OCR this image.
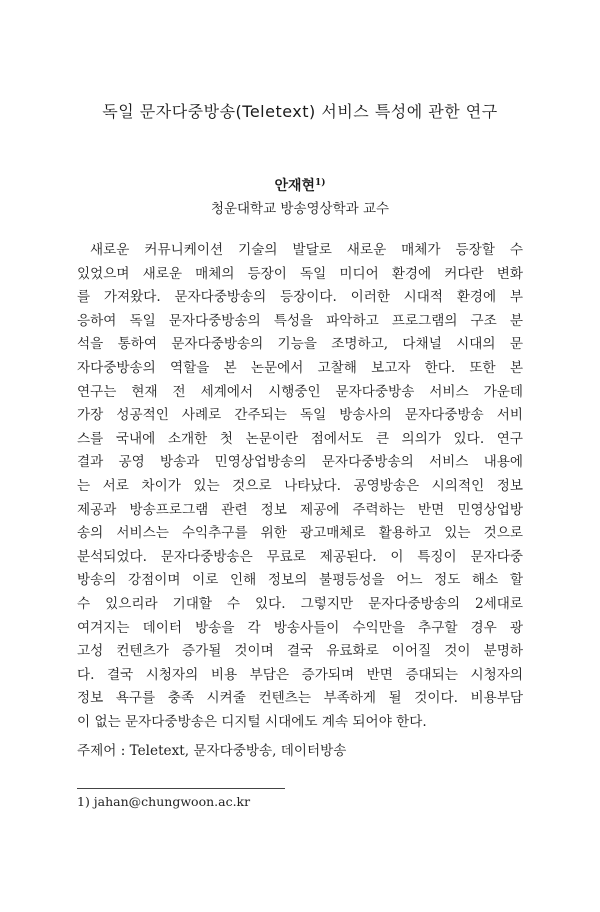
독일 문자다중방송(Teletext) 서비스 특성에 관한 연구
안재현$^{1)}$
청운대학교 방송영상학과 교수
새로운 커뮤니케이션 기술의 발달로 새로운 매체가 등장할 수
있었으며 새로운 매체의 등장이 독일 미디어 환경에 커다란 변화
를 가져왔다. 문자다중방송의 등장이다. 이러한 시대적 환경에 부
응하여 독일 문자다중방송의 특성을 파악하고 프로그램의 구조 분
석을 통하여 문자다중방송의 기능을 조명하고, 다채널 시대의 문
자다중방송의 역할을 본 논문에서 고찰해 보고자 한다. 또한 본
연구는 현재 전 세계에서 시행중인 문자다중방송 서비스 가운데
가장 성공적인 사례로 간주되는 독일 방송사의 문자다중방송 서비
스를 국내에 소개한 첫 논문이란 점에서도 큰 의의가 있다. 연구
결과 공영 방송과 민영상업방송의 문자다중방송의 서비스 내용에
는 서로 차이가 있는 것으로 나타났다. 공영방송은 시의적인 정보
제공과 방송프로그램 관련 정보 제공에 주력하는 반면 민영상업방
송의 서비스는 수익추구를 위한 광고매체로 활용하고 있는 것으로
분석되었다. 문자다중방송은 무료로 제공된다. 이 특징이 문자다중
방송의 강점이며 이로 인해 정보의 불평등성을 어느 정도 해소 할
수 있으리라 기대할 수 있다. 그렇지만 문자다중방송의 2세대로
여겨지는 데이터 방송을 각 방송사들이 수익만을 추구할 경우 광
고성 컨텐츠가 증가될 것이며 결국 유료화로 이어질 것이 분명하
다. 결국 시청자의 비용 부담은 증가되며 반면 증대되는 시청자의
정보 욕구를 충족 시켜줄 컨텐츠는 부족하게 될 것이다. 비용부담
이 없는 문자다중방송은 디지털 시대에도 계속 되어야 한다.
주제어 : Teletext, 문자다중방송, 데이터방송
1) jahan@chungwoon.ac.kr
